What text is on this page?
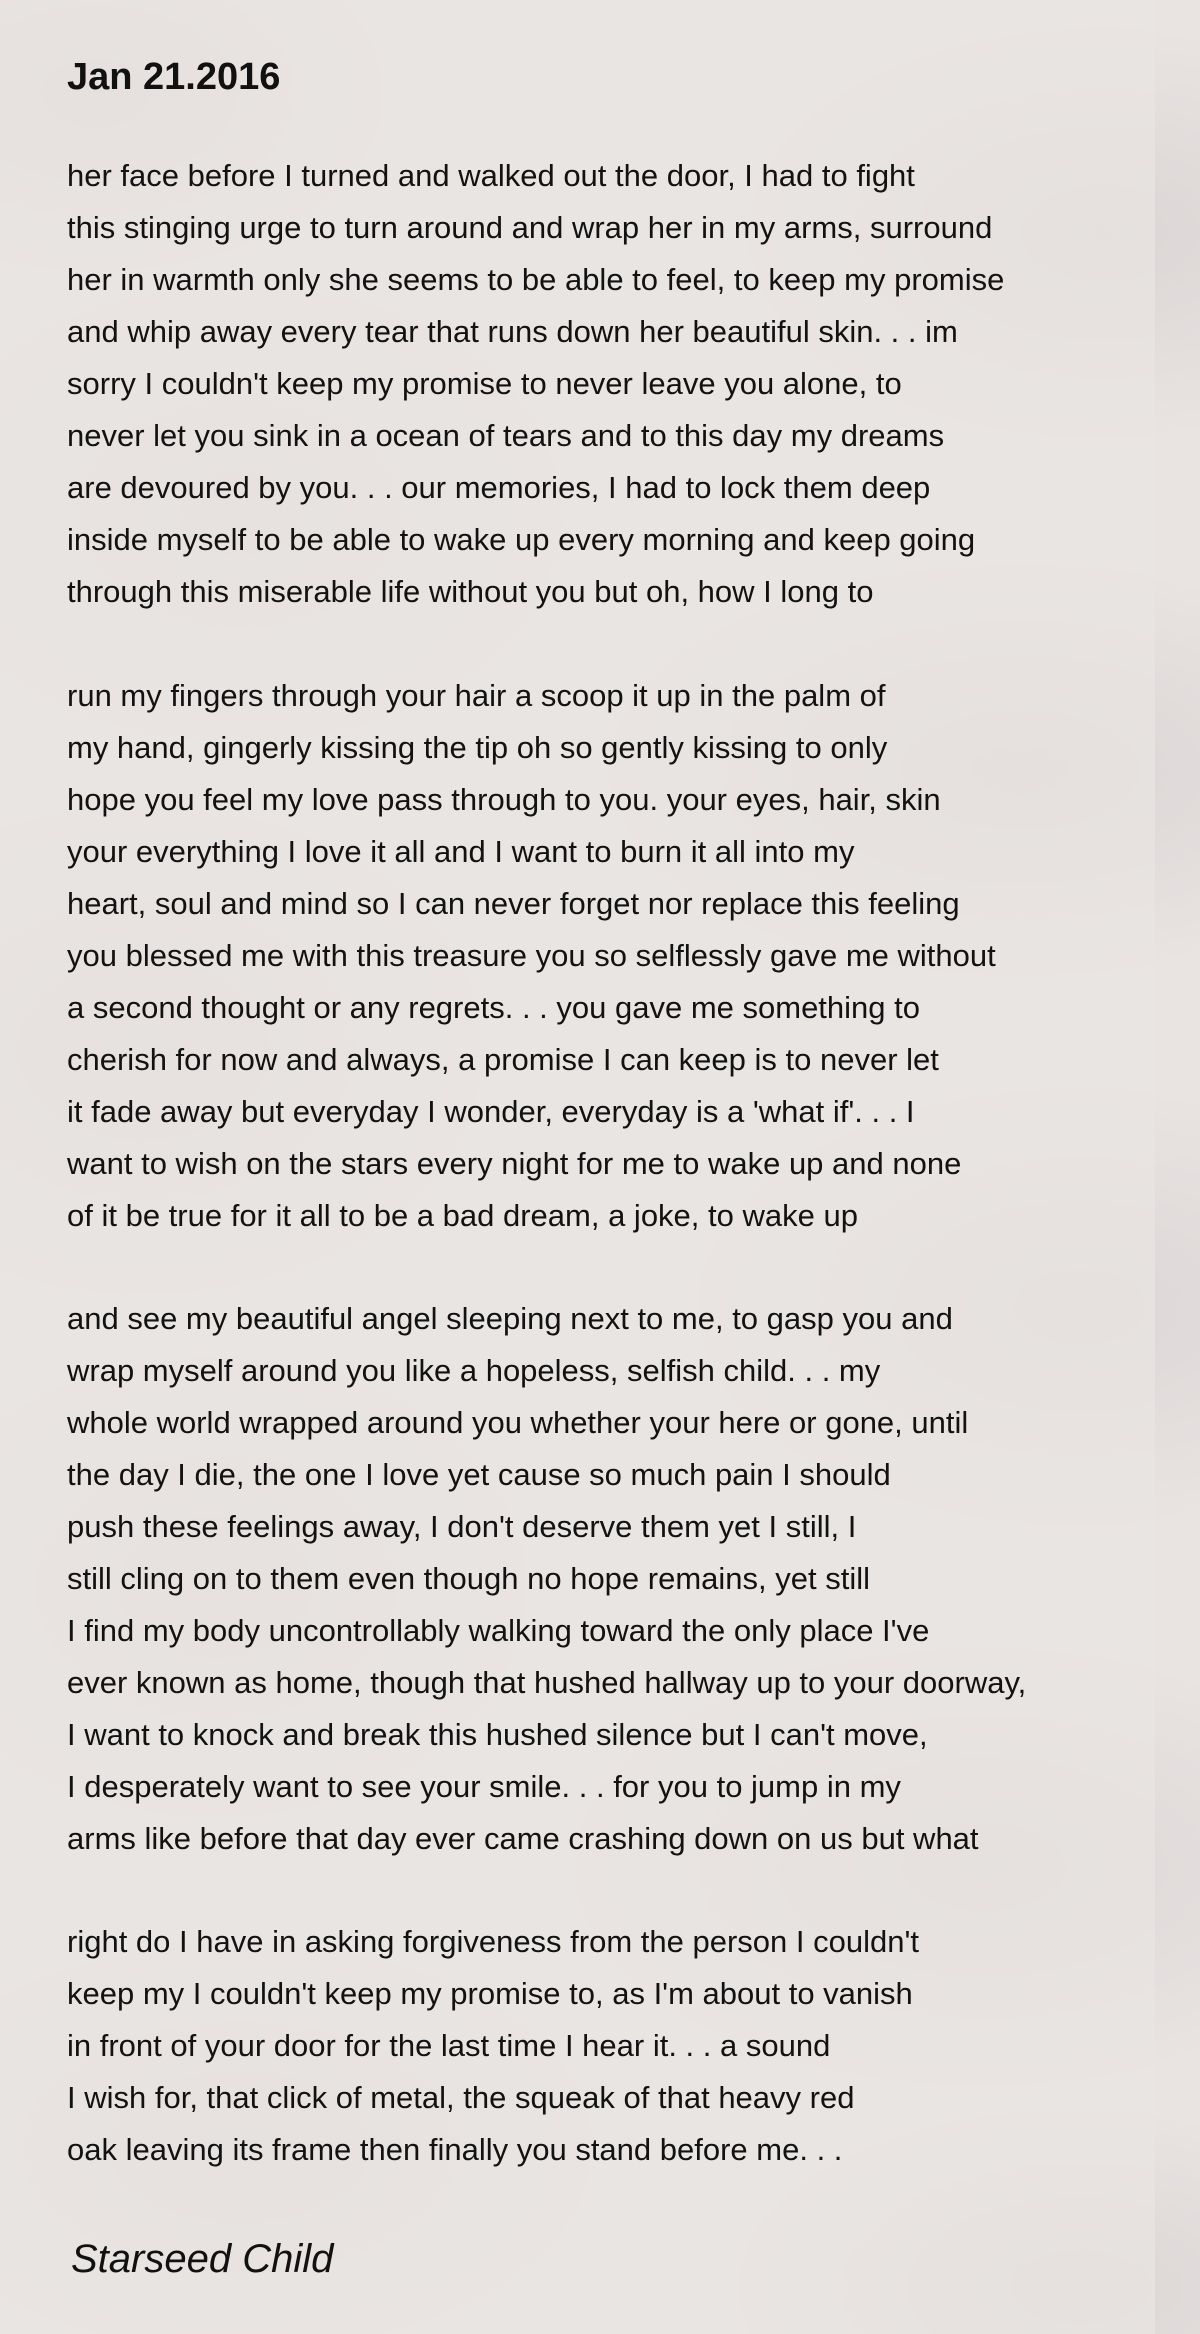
Jan 21.2016

her face before I turned and walked out the door, I had to fight
this stinging urge to turn around and wrap her in my arms, surround
her in warmth only she seems to be able to feel, to keep my promise
and whip away every tear that runs down her beautiful skin. . . im
sorry I couldn't keep my promise to never leave you alone, to
never let you sink in a ocean of tears and to this day my dreams
are devoured by you. . . our memories, I had to lock them deep
inside myself to be able to wake up every morning and keep going
through this miserable life without you but oh, how I long to

run my fingers through your hair a scoop it up in the palm of
my hand, gingerly kissing the tip oh so gently kissing to only
hope you feel my love pass through to you. your eyes, hair, skin
your everything I love it all and I want to burn it all into my
heart, soul and mind so I can never forget nor replace this feeling
you blessed me with this treasure you so selflessly gave me without
a second thought or any regrets. . . you gave me something to
cherish for now and always, a promise I can keep is to never let
it fade away but everyday I wonder, everyday is a 'what if'. . . I
want to wish on the stars every night for me to wake up and none
of it be true for it all to be a bad dream, a joke, to wake up

and see my beautiful angel sleeping next to me, to gasp you and
wrap myself around you like a hopeless, selfish child. . . my
whole world wrapped around you whether your here or gone, until
the day I die, the one I love yet cause so much pain I should
push these feelings away, I don't deserve them yet I still, I
still cling on to them even though no hope remains, yet still
I find my body uncontrollably walking toward the only place I've
ever known as home, though that hushed hallway up to your doorway,
I want to knock and break this hushed silence but I can't move,
I desperately want to see your smile. . . for you to jump in my
arms like before that day ever came crashing down on us but what

right do I have in asking forgiveness from the person I couldn't
keep my I couldn't keep my promise to, as I'm about to vanish
in front of your door for the last time I hear it. . . a sound
I wish for, that click of metal, the squeak of that heavy red
oak leaving its frame then finally you stand before me. . .

Starseed Child
